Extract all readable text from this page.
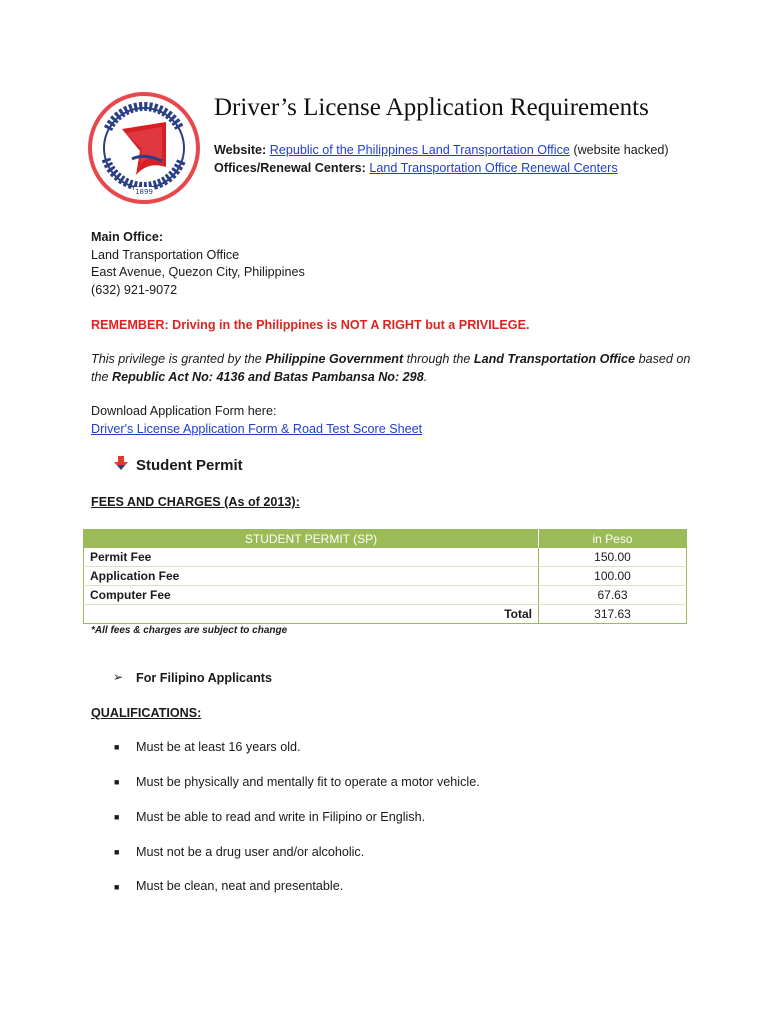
1899
Driver’s License Application Requirements
Website: Republic of the Philippines Land Transportation Office (website hacked)
Offices/Renewal Centers: Land Transportation Office Renewal Centers
Main Office:
Land Transportation Office
East Avenue, Quezon City, Philippines
(632) 921-9072
REMEMBER: Driving in the Philippines is NOT A RIGHT but a PRIVILEGE.
This privilege is granted by the Philippine Government through the Land Transportation Office based on
the Republic Act No: 4136 and Batas Pambansa No: 298.
Download Application Form here:
Driver's License Application Form & Road Test Score Sheet
Student Permit
FEES AND CHARGES (As of 2013):
STUDENT PERMIT (SP)	in Peso
Permit Fee	150.00
Application Fee	100.00
Computer Fee	67.63
Total	317.63
*All fees & charges are subject to change
➢ For Filipino Applicants
QUALIFICATIONS:
■ Must be at least 16 years old.
■ Must be physically and mentally fit to operate a motor vehicle.
■ Must be able to read and write in Filipino or English.
■ Must not be a drug user and/or alcoholic.
■ Must be clean, neat and presentable.
